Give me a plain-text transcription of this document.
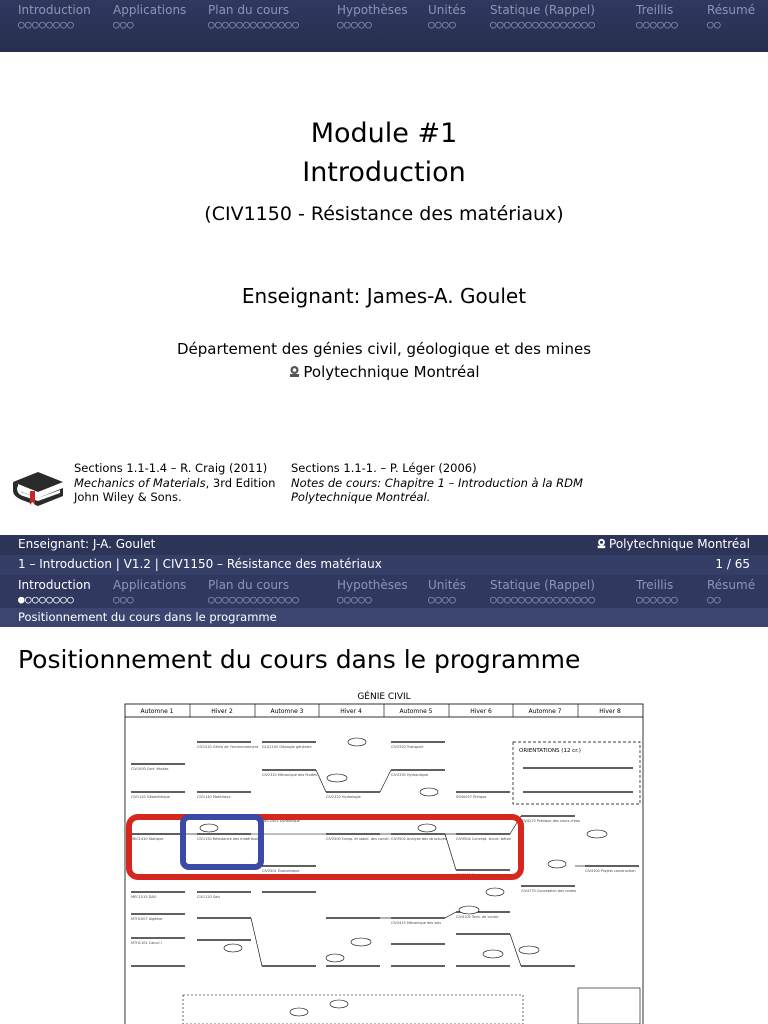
Introduction
○○○○○○○○
Applications
○○○
Plan du cours
○○○○○○○○○○○○○
Hypothèses
○○○○○
Unités
○○○○
Statique (Rappel)
○○○○○○○○○○○○○○○
Treillis
○○○○○○
Résumé
○○
Module #1
Introduction
(CIV1150 - Résistance des matériaux)
Enseignant: James-A. Goulet
Département des génies civil, géologique et des mines
Polytechnique Montréal
Sections 1.1-1.4 – R. Craig (2011)
Mechanics of Materials, 3rd Edition
John Wiley & Sons.
Sections 1.1-1. – P. Léger (2006)
Notes de cours: Chapitre 1 – Introduction à la RDM
Polytechnique Montréal.
Enseignant: J-A. Goulet	Polytechnique Montréal
1 – Introduction | V1.2 | CIV1150 – Résistance des matériaux	1 / 65
Introduction
●○○○○○○○
Applications
○○○
Plan du cours
○○○○○○○○○○○○○
Hypothèses
○○○○○
Unités
○○○○
Statique (Rappel)
○○○○○○○○○○○○○○○
Treillis
○○○○○○
Résumé
○○
Positionnement du cours dans le programme
Positionnement du cours dans le programme
GÉNIE CIVIL
Automne 1	Hiver 2	Automne 3	Hiver 4	Automne 5	Hiver 6	Automne 7	Hiver 8
ORIENTATIONS (12 cr.)
CIV1000 Cert. études
CIV1120 Géométrique
MEC1410 Statique
MEC1515 DAO
MTH1007 Algèbre
MTH1101 Calcul I
CIV1210 Génie de l'environnement
CIV1140 Matériaux
CIV1150 Résistance des matériaux
CIV1120 Sols
GLQ1100 Géologie générale
CIV2310 Mécanique des fluides
MEC2405 Dynamique
CIV2501 Économique
CIV2500 Comp. et stabil. des constr.
CIV2320 Hydrologie
CIV3320 Transport
CIV3330 Hydraulique
CIV3502 Analyse des structures
CIV3415 Mécanique des sols
SSH0057 Éthique
CIV3504 Concept. struct. béton
CIV3503 Concept. struct. acier
CIV4105 Tech. de constr.
CIV4270 Pratique des cours d'eau
CIV4770 Conception des routes
CIV4100 Projets construction
